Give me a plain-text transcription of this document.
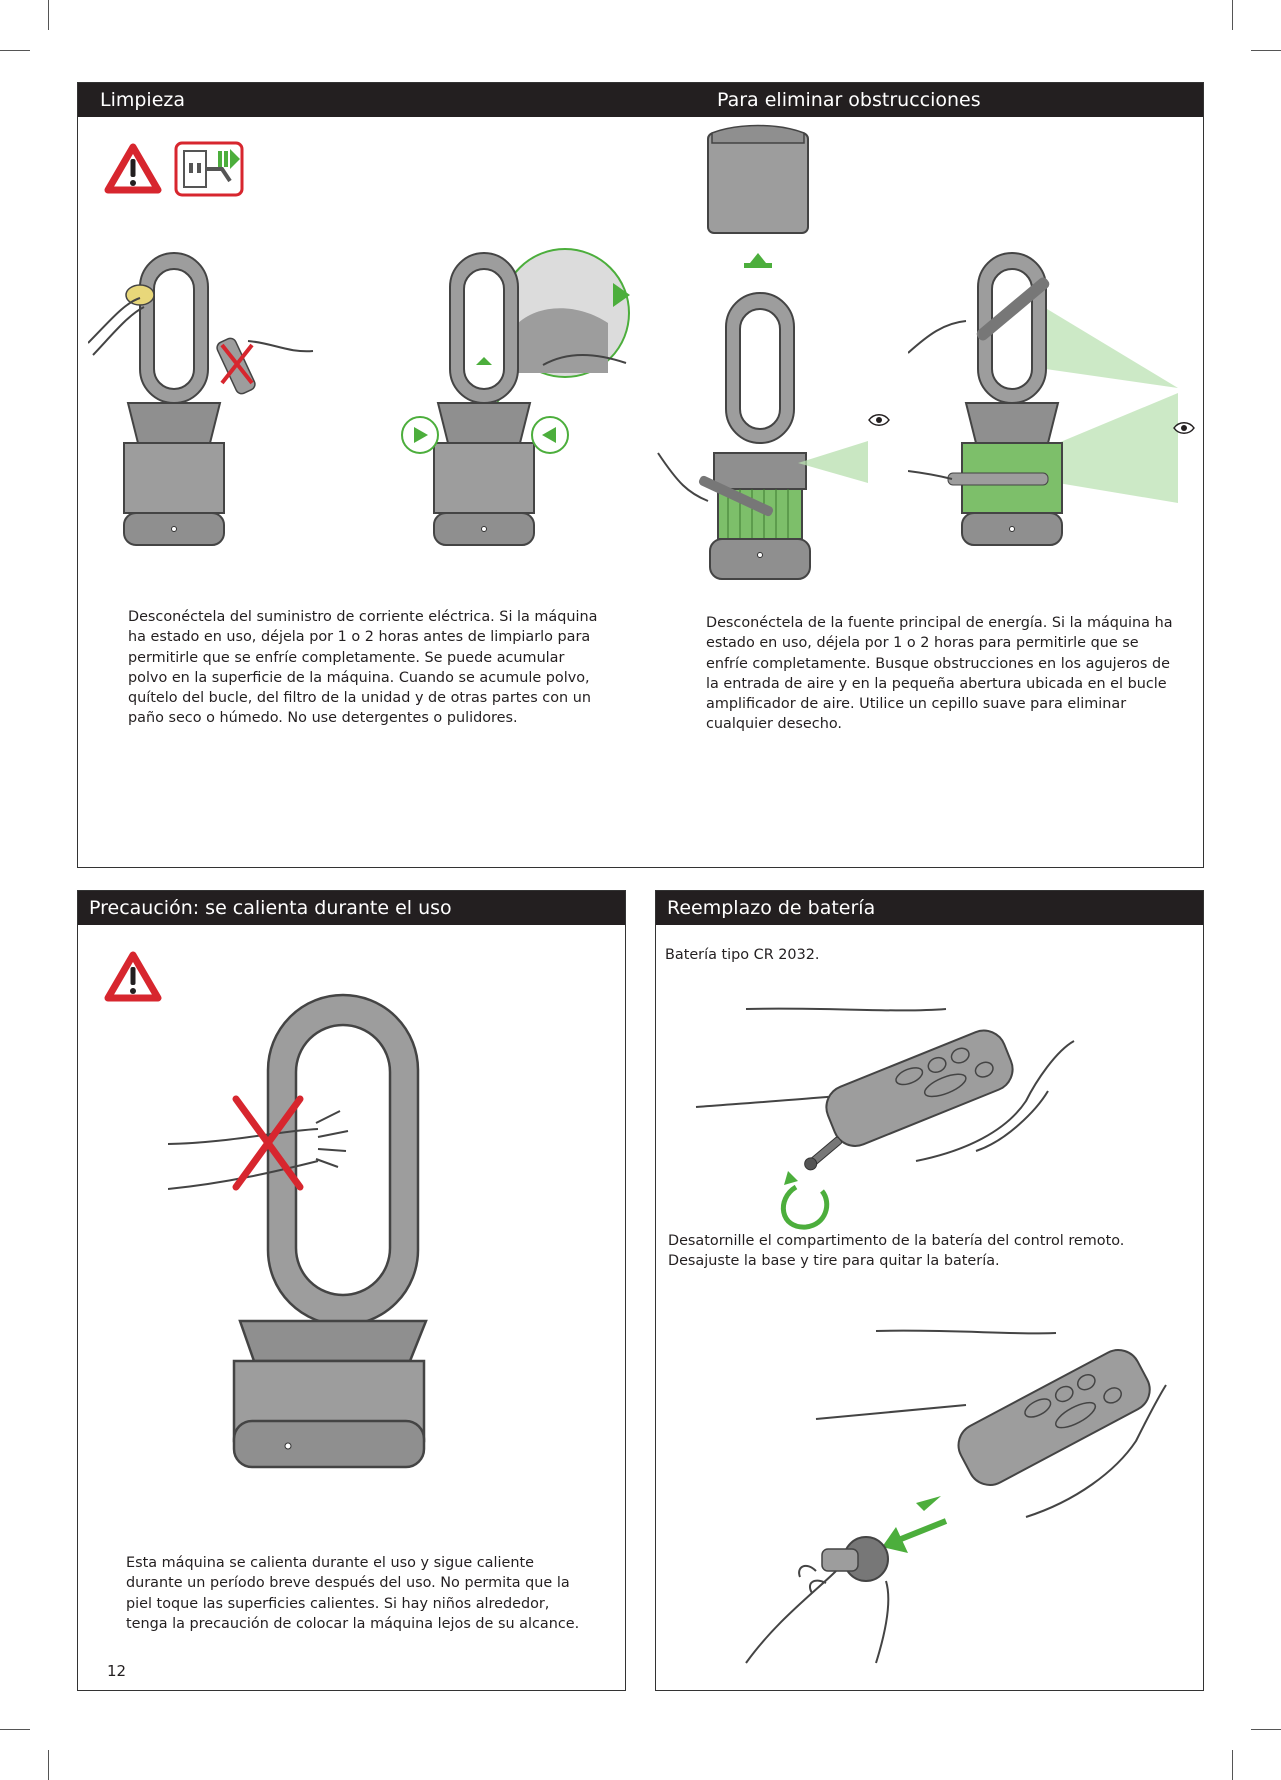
Limpieza	Para eliminar obstrucciones

Desconéctela del suministro de corriente eléctrica. Si la máquina ha estado en uso, déjela por 1 o 2 horas antes de limpiarlo para permitirle que se enfríe completamente. Se puede acumular polvo en la superficie de la máquina. Cuando se acumule polvo, quítelo del bucle, del filtro de la unidad y de otras partes con un paño seco o húmedo. No use detergentes o pulidores.

Desconéctela de la fuente principal de energía. Si la máquina ha estado en uso, déjela por 1 o 2 horas para permitirle que se enfríe completamente. Busque obstrucciones en los agujeros de la entrada de aire y en la pequeña abertura ubicada en el bucle amplificador de aire. Utilice un cepillo suave para eliminar cualquier desecho.

Precaución: se calienta durante el uso

Esta máquina se calienta durante el uso y sigue caliente durante un período breve después del uso. No permita que la piel toque las superficies calientes. Si hay niños alrededor, tenga la precaución de colocar la máquina lejos de su alcance.

Reemplazo de batería

Batería tipo CR 2032.

Desatornille el compartimento de la batería del control remoto. Desajuste la base y tire para quitar la batería.

12
